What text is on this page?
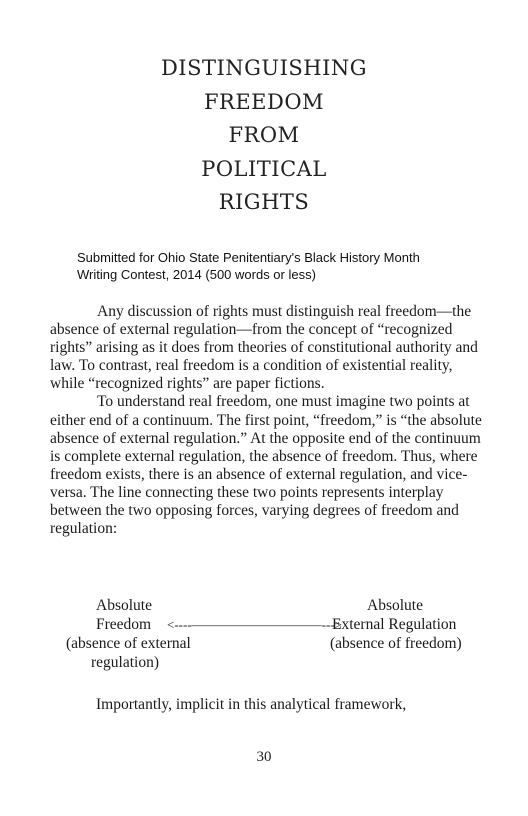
DISTINGUISHING
FREEDOM
FROM
POLITICAL
RIGHTS
Submitted for Ohio State Penitentiary's Black History Month
Writing Contest, 2014 (500 words or less)

Any discussion of rights must distinguish real freedom—the absence of external regulation—from the concept of “recognized rights” arising as it does from theories of constitutional authority and law. To contrast, real freedom is a condition of existential reality, while “recognized rights” are paper fictions.

To understand real freedom, one must imagine two points at either end of a continuum. The first point, “freedom,” is “the absolute absence of external regulation.” At the opposite end of the continuum is complete external regulation, the absence of freedom. Thus, where freedom exists, there is an absence of external regulation, and vice-versa. The line connecting these two points represents interplay between the two opposing forces, varying degrees of freedom and regulation:

Absolute
Freedom
(absence of external
regulation)
<----——————————--->
Absolute
External Regulation
(absence of freedom)
Importantly, implicit in this analytical framework,
30
